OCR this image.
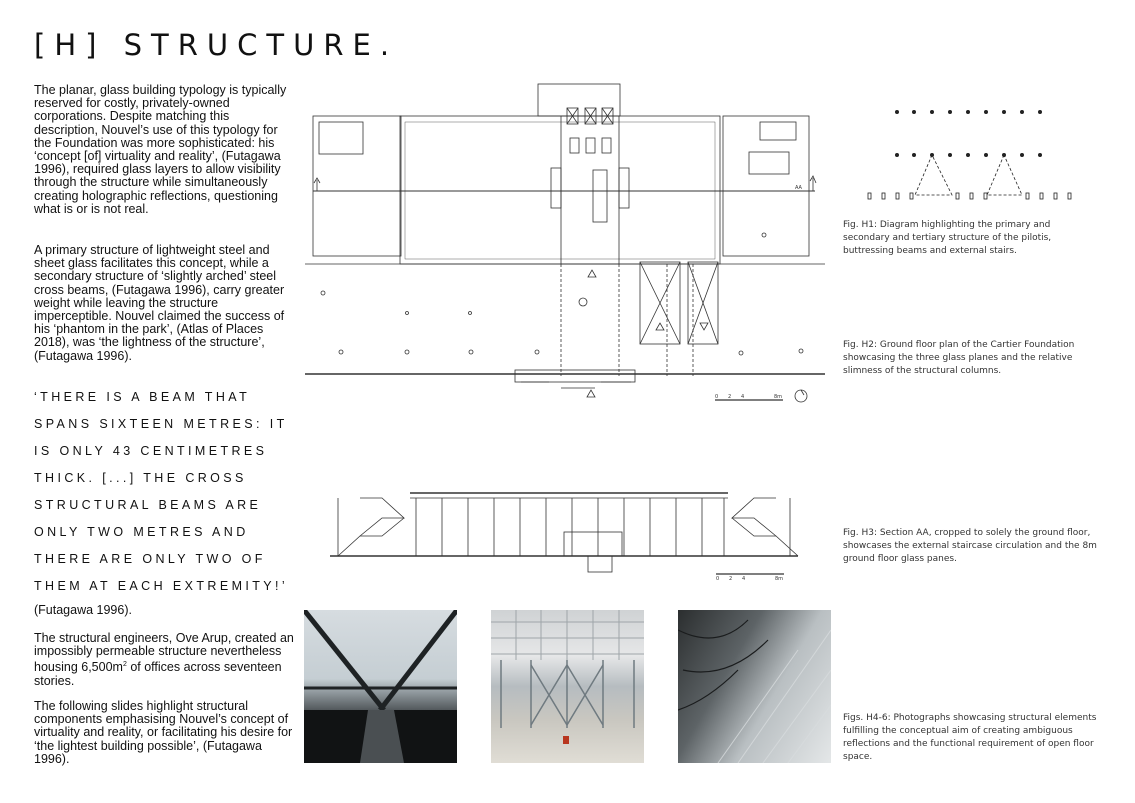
[H] STRUCTURE.
The planar, glass building typology is typically reserved for costly, privately-owned corporations. Despite matching this description, Nouvel’s use of this typology for the Foundation was more sophisticated: his ‘concept [of] virtuality and reality’, (Futagawa 1996), required glass layers to allow visibility through the structure while simultaneously creating holographic reflections, questioning what is or is not real.
A primary structure of lightweight steel and sheet glass facilitates this concept, while a secondary structure of ‘slightly arched’ steel cross beams, (Futagawa 1996), carry greater weight while leaving the structure imperceptible. Nouvel claimed the success of his ‘phantom in the park’, (Atlas of Places 2018), was ‘the lightness of the structure’, (Futagawa 1996).
‘THERE IS A BEAM THAT
SPANS SIXTEEN METRES: IT
IS ONLY 43 CENTIMETRES
THICK. [...] THE CROSS
STRUCTURAL BEAMS ARE
ONLY TWO METRES AND
THERE ARE ONLY TWO OF
THEM AT EACH EXTREMITY!’
(Futagawa 1996).
The structural engineers, Ove Arup, created an impossibly permeable structure nevertheless housing $6,500m^2$ of offices across seventeen stories.
The following slides highlight structural components emphasising Nouvel’s concept of virtuality and reality, or facilitating his desire for ‘the lightest building possible’, (Futagawa 1996).
AA
0 2 4	8m
0 2 4	8m
Fig. H1: Diagram highlighting the primary and secondary and tertiary structure of the pilotis, buttressing beams and external stairs.
Fig. H2: Ground floor plan of the Cartier Foundation showcasing the three glass planes and the relative slimness of the structural columns.
Fig. H3: Section AA, cropped to solely the ground floor, showcases the external staircase circulation and the 8m ground floor glass panes.
Figs. H4-6: Photographs showcasing structural elements fulfilling the conceptual aim of creating ambiguous reflections and the functional requirement of open floor space.
